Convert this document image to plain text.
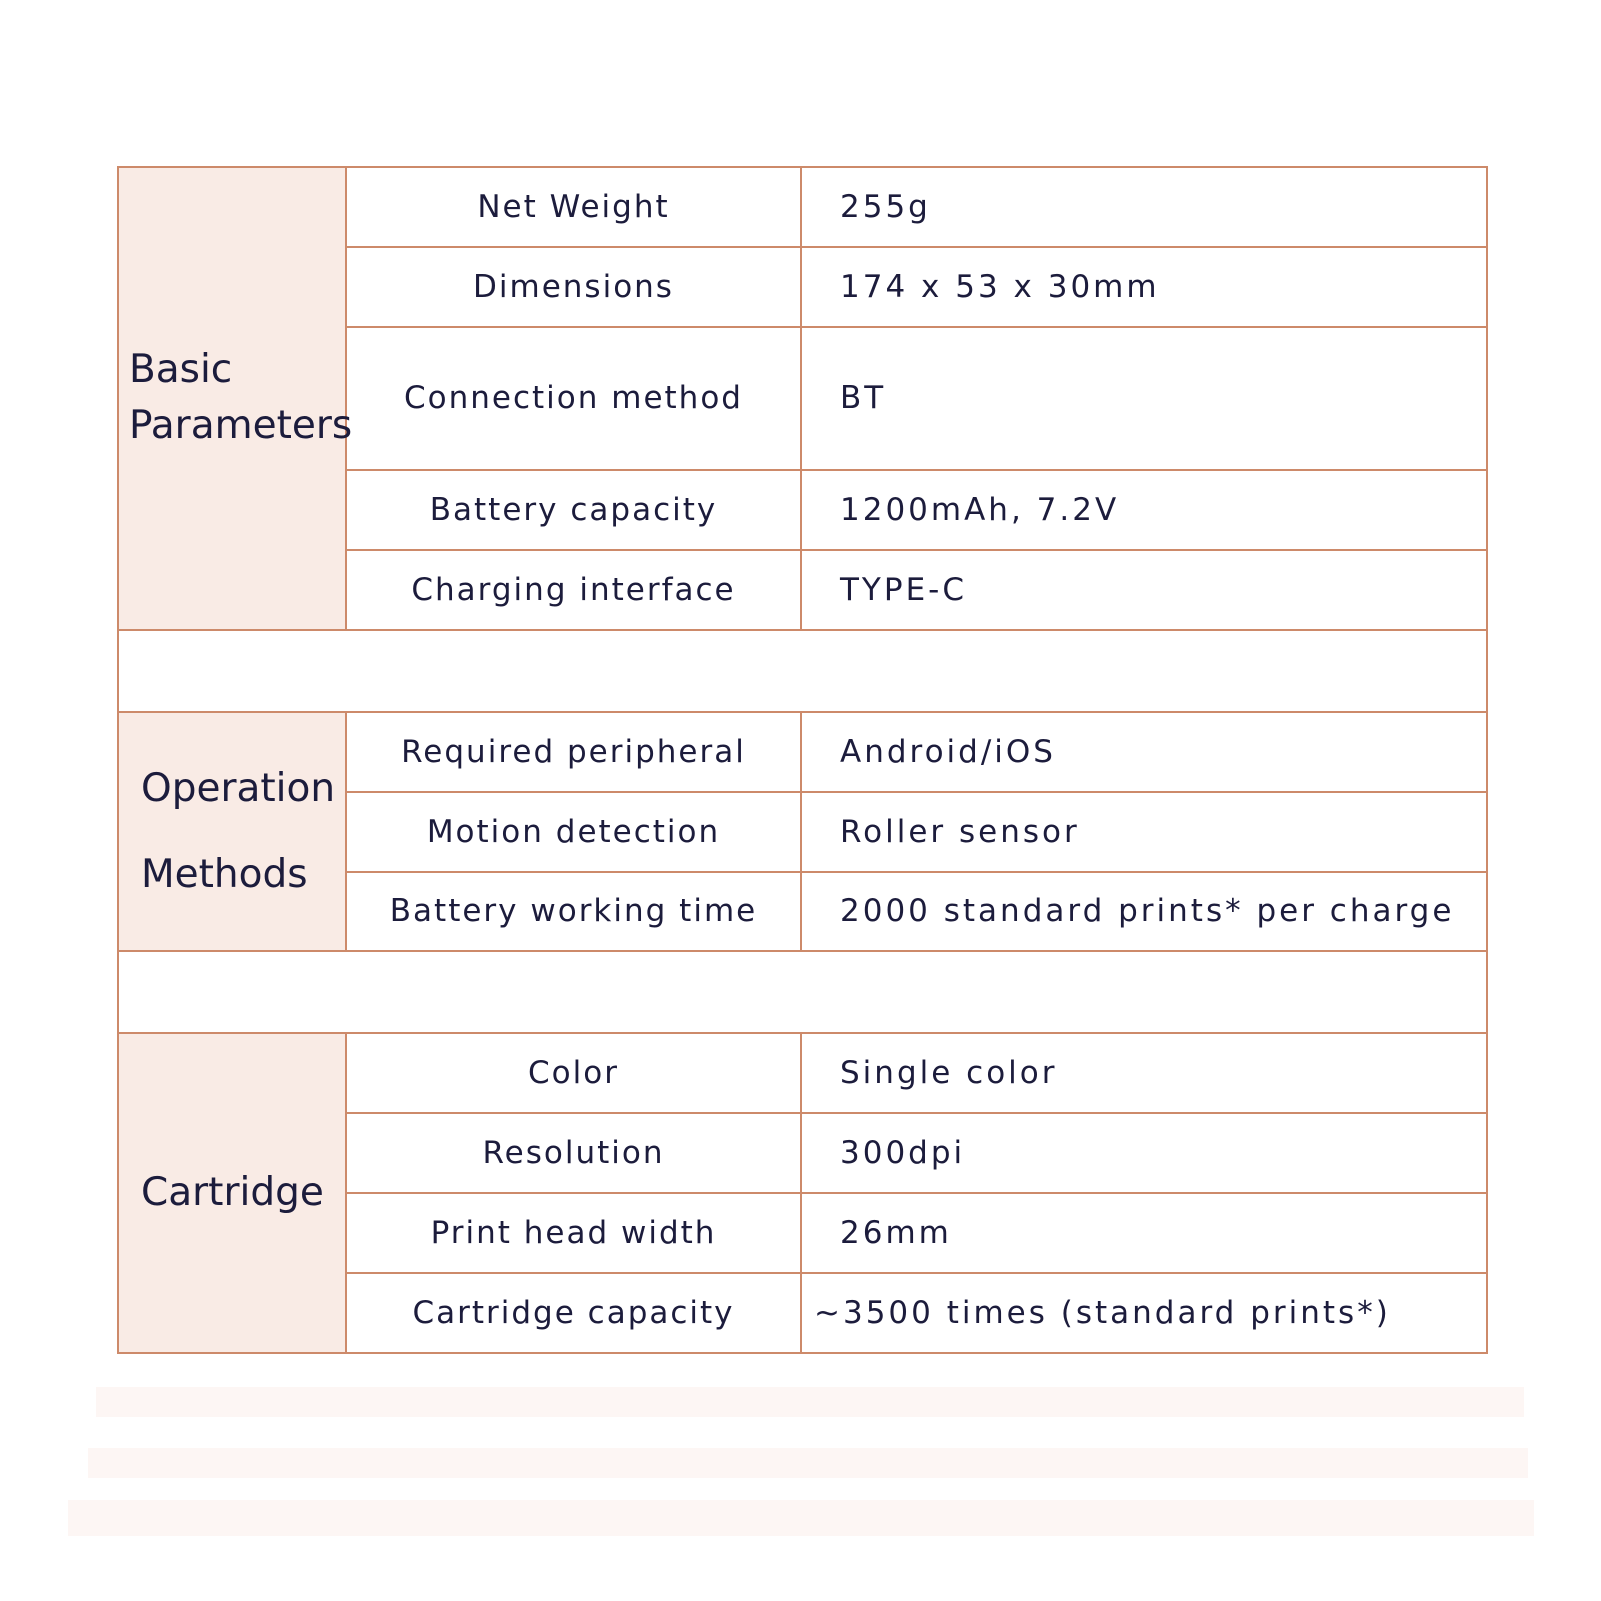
Basic Parameters	Net Weight	255g
	Dimensions	174 x 53 x 30mm
	Connection method	BT
	Battery capacity	1200mAh, 7.2V
	Charging interface	TYPE-C

Operation Methods	Required peripheral	Android/iOS
	Motion detection	Roller sensor
	Battery working time	2000 standard prints* per charge

Cartridge	Color	Single color
	Resolution	300dpi
	Print head width	26mm
	Cartridge capacity	~3500 times (standard prints*)
